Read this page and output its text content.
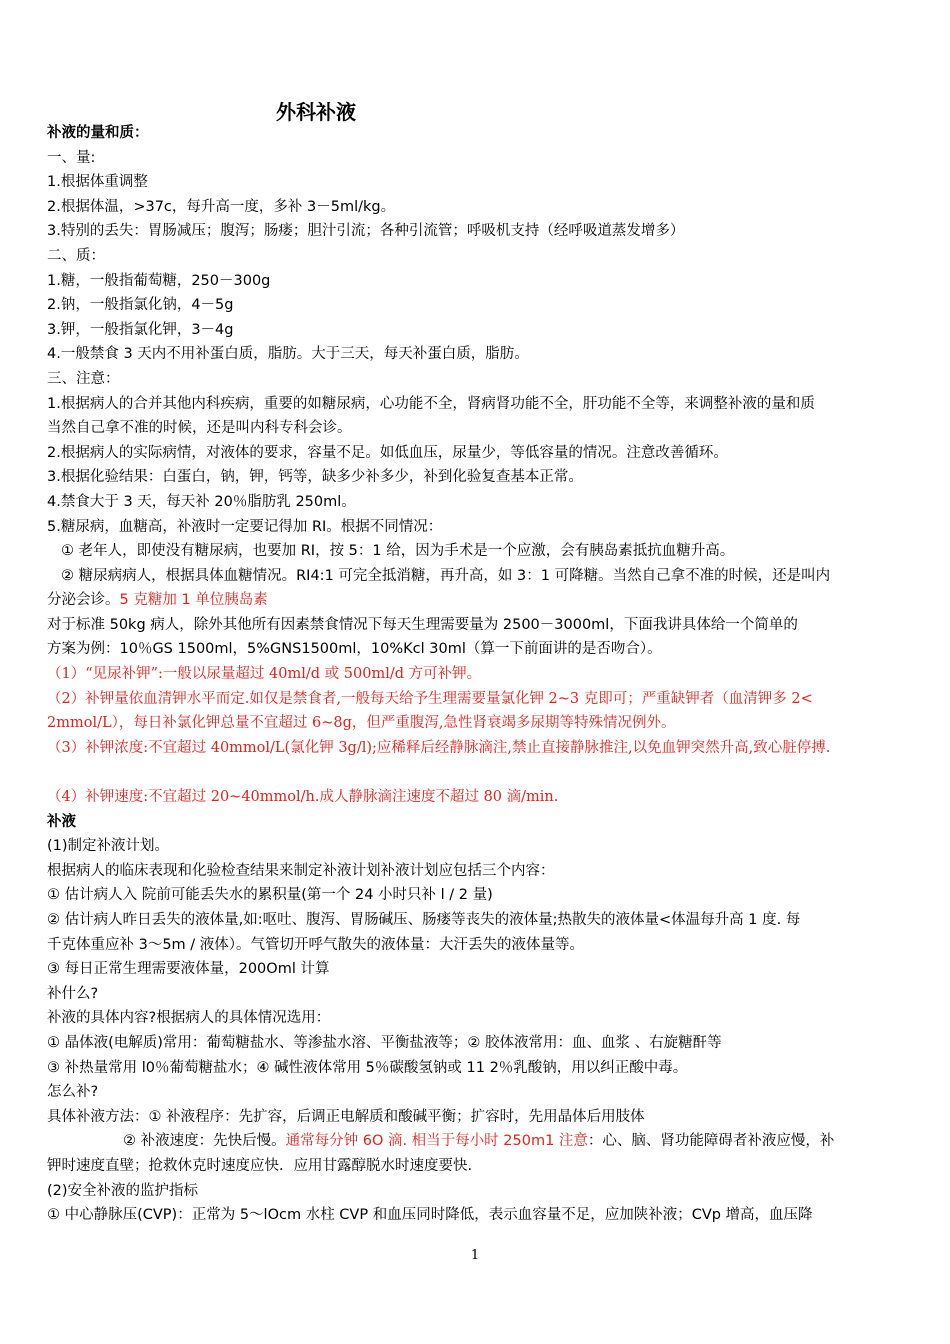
外科补液
补液的量和质：
一、量:
1.根据体重调整
2.根据体温，>37c，每升高一度，多补 3－5ml/kg。
3.特别的丢失：胃肠减压；腹泻；肠瘘；胆汁引流；各种引流管；呼吸机支持（经呼吸道蒸发增多）
二、质：
1.糖，一般指葡萄糖，250－300g
2.钠，一般指氯化钠，4－5g
3.钾，一般指氯化钾，3－4g
4.一般禁食 3 天内不用补蛋白质，脂肪。大于三天，每天补蛋白质，脂肪。
三、注意：
1.根据病人的合并其他内科疾病，重要的如糖尿病，心功能不全，肾病肾功能不全，肝功能不全等，来调整补液的量和质
当然自己拿不准的时候，还是叫内科专科会诊。
2.根据病人的实际病情，对液体的要求，容量不足。如低血压，尿量少，等低容量的情况。注意改善循环。
3.根据化验结果：白蛋白，钠，钾，钙等，缺多少补多少，补到化验复查基本正常。
4.禁食大于 3 天，每天补 20％脂肪乳 250ml。
5.糖尿病，血糖高，补液时一定要记得加 RI。根据不同情况：
① 老年人，即使没有糖尿病，也要加 RI，按 5：1 给，因为手术是一个应激，会有胰岛素抵抗血糖升高。
② 糖尿病病人，根据具体血糖情况。RI4:1 可完全抵消糖，再升高，如 3：1 可降糖。当然自己拿不准的时候，还是叫内
分泌会诊。5 克糖加 1 单位胰岛素
对于标准 50kg 病人，除外其他所有因素禁食情况下每天生理需要量为 2500－3000ml，下面我讲具体给一个简单的
方案为例：10％GS 1500ml，5%GNS1500ml，10%Kcl 30ml（算一下前面讲的是否吻合）。
（1）“见尿补钾”:一般以尿量超过 40ml/d 或 500ml/d 方可补钾。
（2）补钾量依血清钾水平而定.如仅是禁食者,一般每天给予生理需要量氯化钾 2~3 克即可；严重缺钾者（血清钾多 2<
2mmol/L），每日补氯化钾总量不宜超过 6~8g，但严重腹泻,急性肾衰竭多尿期等特殊情况例外。
（3）补钾浓度:不宜超过 40mmol/L(氯化钾 3g/l);应稀释后经静脉滴注,禁止直接静脉推注,以免血钾突然升高,致心脏停搏.
（4）补钾速度:不宜超过 20~40mmol/h.成人静脉滴注速度不超过 80 滴/min.
补液
(1)制定补液计划。
根据病人的临床表现和化验检查结果来制定补液计划补液计划应包括三个内容：
① 估计病人入 院前可能丢失水的累积量(第一个 24 小时只补 l / 2 量)
② 估计病人昨日丢失的液体量,如:呕吐、腹泻、胃肠碱压、肠瘘等丧失的液体量;热散失的液体量<体温每升高 1 度. 每
千克体重应补 3～5m / 液体）。气管切开呼气散失的液体量：大汗丢失的液体量等。
③ 每日正常生理需要液体量，200Oml 计算
补什么?
补液的具体内容?根据病人的具体情况选用：
① 晶体液(电解质)常用：葡萄糖盐水、等渗盐水溶、平衡盐液等；② 胶体液常用：血、血浆 、右旋糖酐等
③ 补热量常用 l0％葡萄糖盐水；④ 碱性液体常用 5％碳酸氢钠或 11 2％乳酸钠，用以纠正酸中毒。
怎么补?
具体补液方法：① 补液程序：先扩容，后调正电解质和酸碱平衡；扩容时，先用晶体后用肢体
② 补液速度：先快后慢。通常每分钟 6O 滴. 相当于每小时 250m1 注意：心、脑、肾功能障碍者补液应慢，补
钾时速度直壁；抢救休克时速度应快．应用甘露醇脱水时速度要快.
(2)安全补液的监护指标
① 中心静脉压(CVP)：正常为 5～lOcm 水柱 CVP 和血压同时降低，表示血容量不足，应加陕补液；CVp 增高，血压降
1
